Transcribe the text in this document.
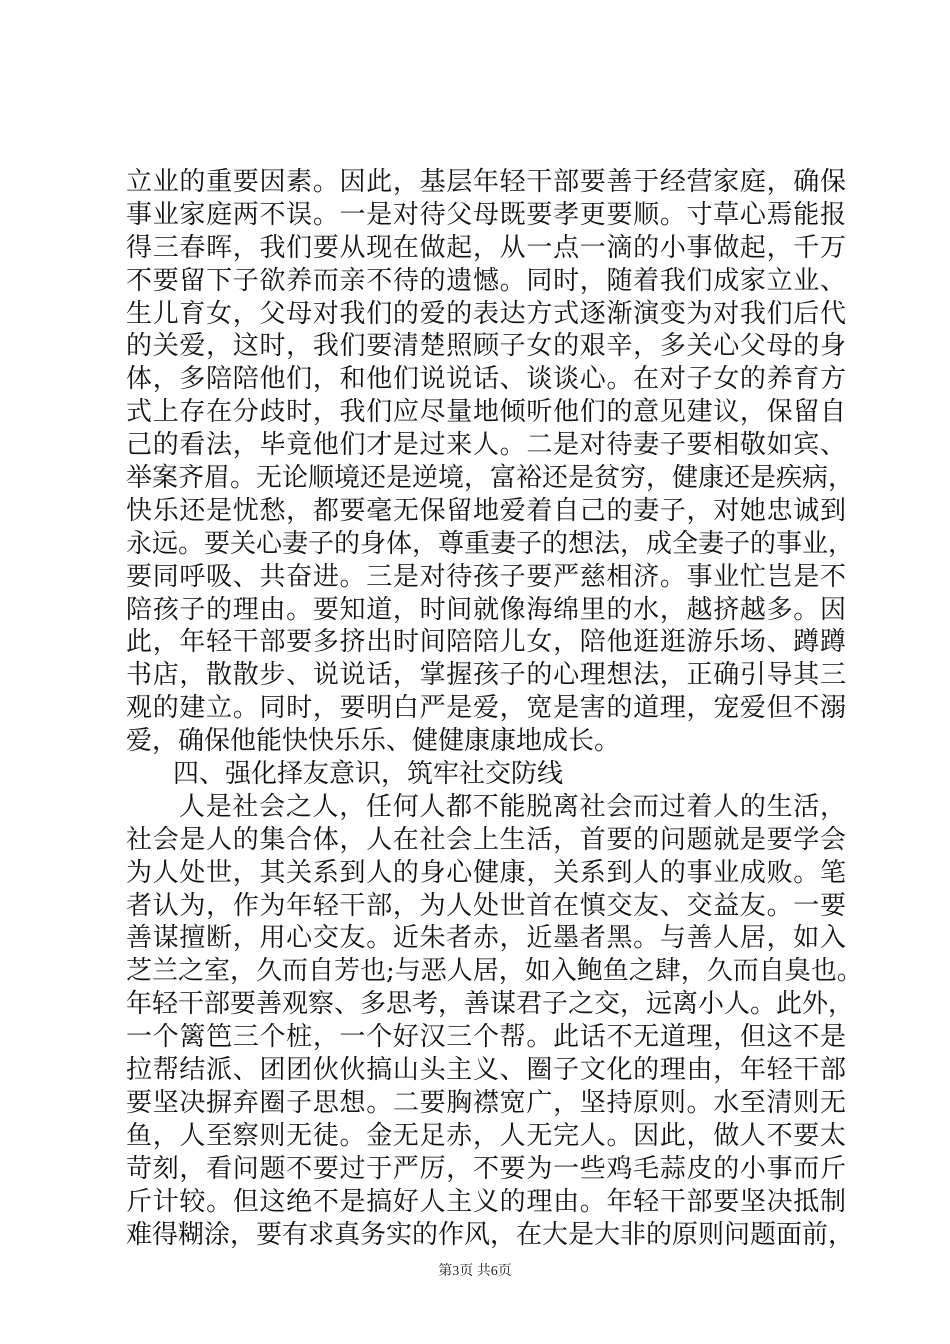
立业的重要因素。因此，基层年轻干部要善于经营家庭，确保
事业家庭两不误。一是对待父母既要孝更要顺。寸草心焉能报
得三春晖，我们要从现在做起，从一点一滴的小事做起，千万
不要留下子欲养而亲不待的遗憾。同时，随着我们成家立业、
生儿育女，父母对我们的爱的表达方式逐渐演变为对我们后代
的关爱，这时，我们要清楚照顾子女的艰辛，多关心父母的身
体，多陪陪他们，和他们说说话、谈谈心。在对子女的养育方
式上存在分歧时，我们应尽量地倾听他们的意见建议，保留自
己的看法，毕竟他们才是过来人。二是对待妻子要相敬如宾、
举案齐眉。无论顺境还是逆境，富裕还是贫穷，健康还是疾病，
快乐还是忧愁，都要毫无保留地爱着自己的妻子，对她忠诚到
永远。要关心妻子的身体，尊重妻子的想法，成全妻子的事业，
要同呼吸、共奋进。三是对待孩子要严慈相济。事业忙岂是不
陪孩子的理由。要知道，时间就像海绵里的水，越挤越多。因
此，年轻干部要多挤出时间陪陪儿女，陪他逛逛游乐场、蹲蹲
书店，散散步、说说话，掌握孩子的心理想法，正确引导其三
观的建立。同时，要明白严是爱，宽是害的道理，宠爱但不溺
爱，确保他能快快乐乐、健健康康地成长。
四、强化择友意识，筑牢社交防线
人是社会之人，任何人都不能脱离社会而过着人的生活，
社会是人的集合体，人在社会上生活，首要的问题就是要学会
为人处世，其关系到人的身心健康，关系到人的事业成败。笔
者认为，作为年轻干部，为人处世首在慎交友、交益友。一要
善谋擅断，用心交友。近朱者赤，近墨者黑。与善人居，如入
芝兰之室，久而自芳也;与恶人居，如入鲍鱼之肆，久而自臭也。
年轻干部要善观察、多思考，善谋君子之交，远离小人。此外，
一个篱笆三个桩，一个好汉三个帮。此话不无道理，但这不是
拉帮结派、团团伙伙搞山头主义、圈子文化的理由，年轻干部
要坚决摒弃圈子思想。二要胸襟宽广，坚持原则。水至清则无
鱼，人至察则无徒。金无足赤，人无完人。因此，做人不要太
苛刻，看问题不要过于严厉，不要为一些鸡毛蒜皮的小事而斤
斤计较。但这绝不是搞好人主义的理由。年轻干部要坚决抵制
难得糊涂，要有求真务实的作风，在大是大非的原则问题面前，
第3页 共6页
